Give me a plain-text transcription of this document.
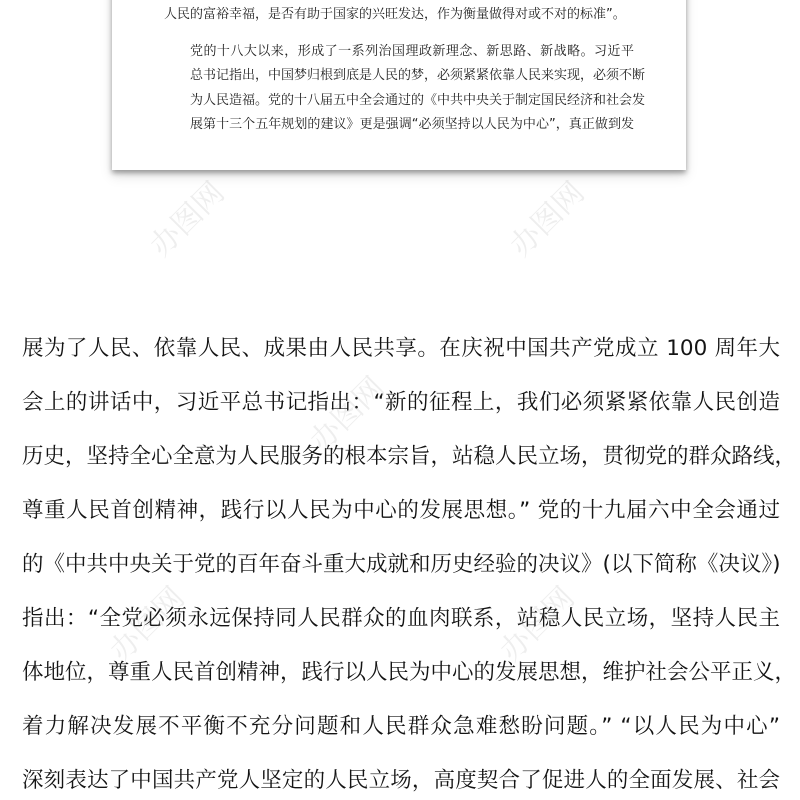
人民的富裕幸福，是否有助于国家的兴旺发达，作为衡量做得对或不对的标准”。

党的十八大以来，形成了一系列治国理政新理念、新思路、新战略。习近平
总书记指出，中国梦归根到底是人民的梦，必须紧紧依靠人民来实现，必须不断
为人民造福。党的十八届五中全会通过的《中共中央关于制定国民经济和社会发
展第十三个五年规划的建议》更是强调“必须坚持以人民为中心”，真正做到发

展为了人民、依靠人民、成果由人民共享。在庆祝中国共产党成立 100 周年大
会上的讲话中，习近平总书记指出：“新的征程上，我们必须紧紧依靠人民创造
历史，坚持全心全意为人民服务的根本宗旨，站稳人民立场，贯彻党的群众路线，
尊重人民首创精神，践行以人民为中心的发展思想。” 党的十九届六中全会通过
的《中共中央关于党的百年奋斗重大成就和历史经验的决议》(以下简称《决议》)
指出：“全党必须永远保持同人民群众的血肉联系，站稳人民立场，坚持人民主
体地位，尊重人民首创精神，践行以人民为中心的发展思想，维护社会公平正义，
着力解决发展不平衡不充分问题和人民群众急难愁盼问题。” “以人民为中心”
深刻表达了中国共产党人坚定的人民立场，高度契合了促进人的全面发展、社会
办图网	办图网
办图网
办图网	办图网
